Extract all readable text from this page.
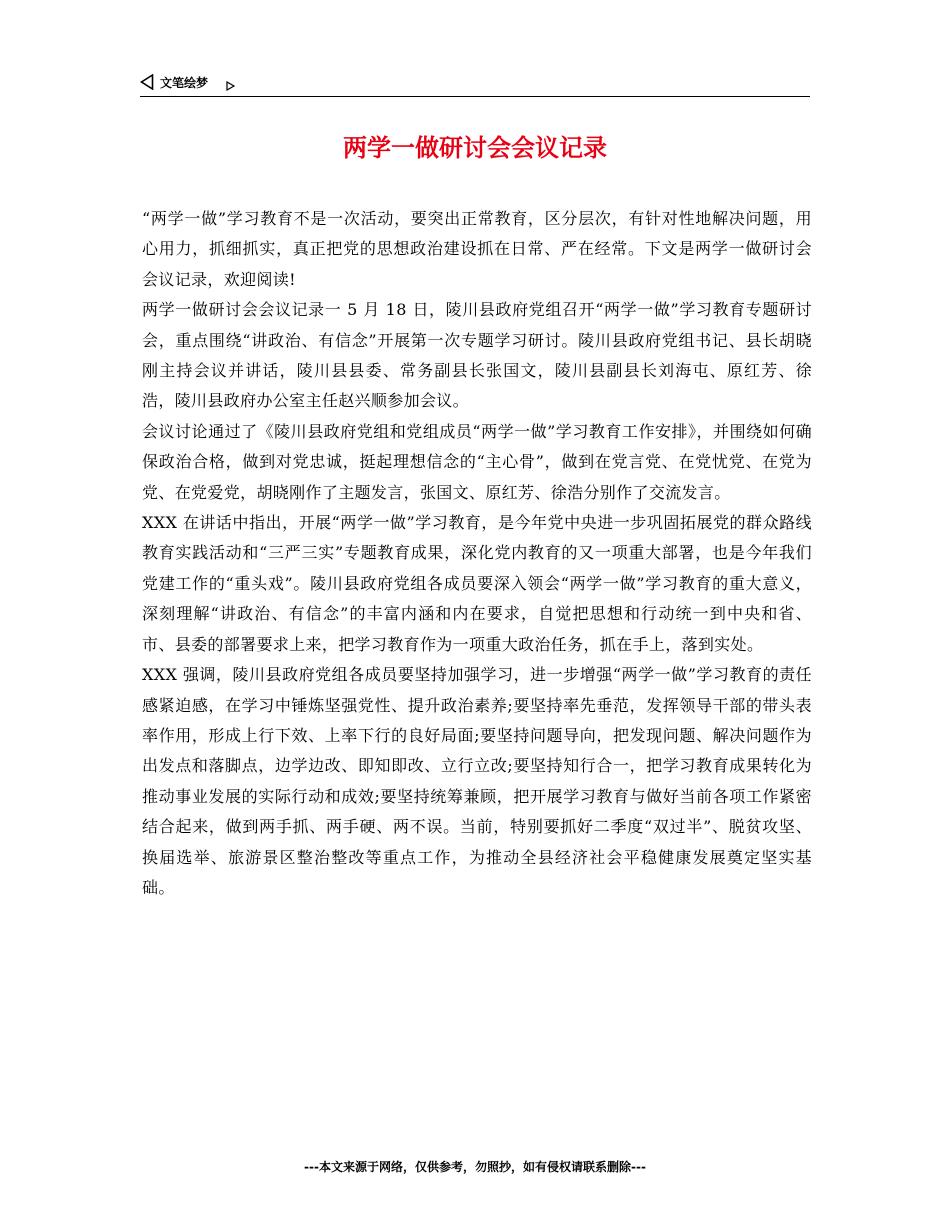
文笔绘梦
两学一做研讨会会议记录

“两学一做”学习教育不是一次活动，要突出正常教育，区分层次，有针对性地解决问题，用心用力，抓细抓实，真正把党的思想政治建设抓在日常、严在经常。下文是两学一做研讨会会议记录，欢迎阅读!

两学一做研讨会会议记录一 5 月 18 日，陵川县政府党组召开“两学一做”学习教育专题研讨会，重点围绕“讲政治、有信念”开展第一次专题学习研讨。陵川县政府党组书记、县长胡晓刚主持会议并讲话，陵川县县委、常务副县长张国文，陵川县副县长刘海屯、原红芳、徐浩，陵川县政府办公室主任赵兴顺参加会议。

会议讨论通过了《陵川县政府党组和党组成员“两学一做”学习教育工作安排》，并围绕如何确保政治合格，做到对党忠诚，挺起理想信念的“主心骨”，做到在党言党、在党忧党、在党为党、在党爱党，胡晓刚作了主题发言，张国文、原红芳、徐浩分别作了交流发言。

XXX 在讲话中指出，开展“两学一做”学习教育，是今年党中央进一步巩固拓展党的群众路线教育实践活动和“三严三实”专题教育成果，深化党内教育的又一项重大部署，也是今年我们党建工作的“重头戏”。陵川县政府党组各成员要深入领会“两学一做”学习教育的重大意义，深刻理解“讲政治、有信念”的丰富内涵和内在要求，自觉把思想和行动统一到中央和省、市、县委的部署要求上来，把学习教育作为一项重大政治任务，抓在手上，落到实处。

XXX 强调，陵川县政府党组各成员要坚持加强学习，进一步增强“两学一做”学习教育的责任感紧迫感，在学习中锤炼坚强党性、提升政治素养;要坚持率先垂范，发挥领导干部的带头表率作用，形成上行下效、上率下行的良好局面;要坚持问题导向，把发现问题、解决问题作为出发点和落脚点，边学边改、即知即改、立行立改;要坚持知行合一，把学习教育成果转化为推动事业发展的实际行动和成效;要坚持统筹兼顾，把开展学习教育与做好当前各项工作紧密结合起来，做到两手抓、两手硬、两不误。当前，特别要抓好二季度“双过半”、脱贫攻坚、换届选举、旅游景区整治整改等重点工作，为推动全县经济社会平稳健康发展奠定坚实基础。

---本文来源于网络，仅供参考，勿照抄，如有侵权请联系删除---
